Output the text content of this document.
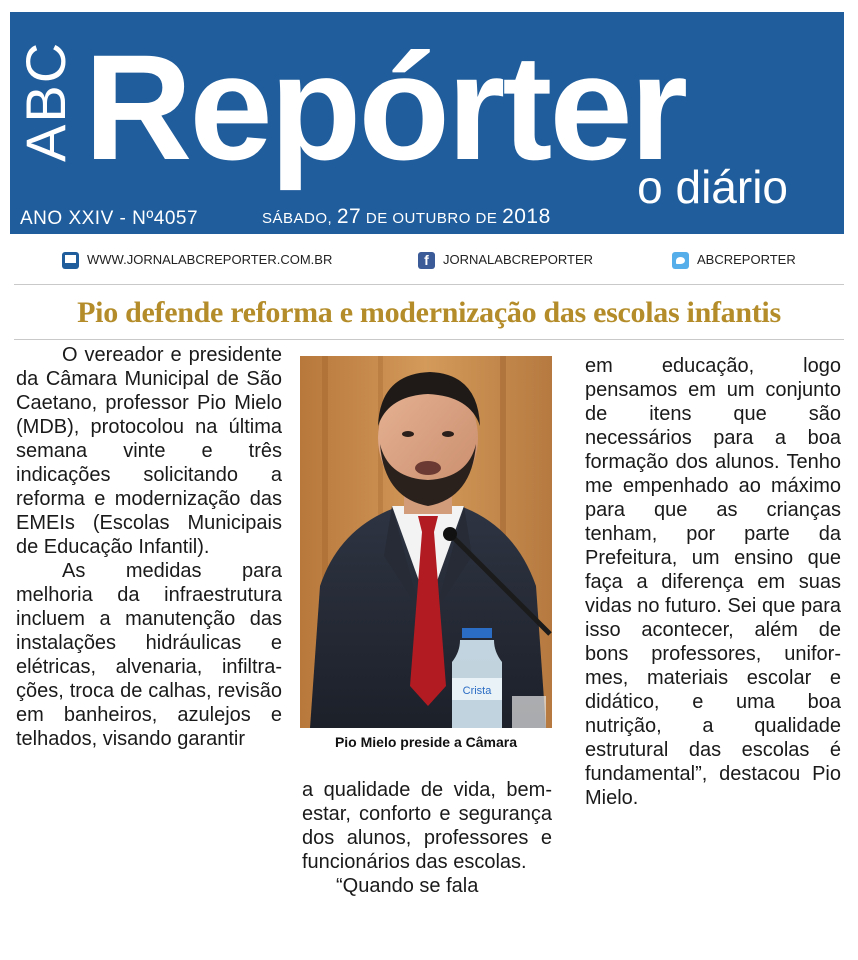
ABC Repórter
o diário
ANO XXIV - Nº4057	SÁBADO, 27 DE OUTUBRO DE 2018
WWW.JORNALABCREPORTER.COM.BR	f	JORNALABCREPORTER	ABCREPORTER
Pio defende reforma e modernização das escolas infantis

O vereador e presidente da Câmara Municipal de São Caetano, professor Pio Mielo (MDB), protocolou na última semana vinte e três indicações solicitando a reforma e modernização das EMEIs (Escolas Municipais de Educação Infantil).

As medidas para melhoria da infraestrutura incluem a manutenção das instalações hidráulicas e elétricas, alvenaria, infiltrações, troca de calhas, revisão em banheiros, azulejos e telhados, visando garantir

Crista
Pio Mielo preside a Câmara

a qualidade de vida, bem-estar, conforto e segurança dos alunos, professores e funcionários das escolas.

“Quando se fala

em educação, logo pensamos em um conjunto de itens que são necessários para a boa formação dos alunos. Tenho me empenhado ao máximo para que as crianças tenham, por parte da Prefeitura, um ensino que faça a diferença em suas vidas no futuro. Sei que para isso acontecer, além de bons professores, uniformes, materiais escolar e didático, e uma boa nutrição, a qualidade estrutural das escolas é fundamental”, destacou Pio Mielo.
